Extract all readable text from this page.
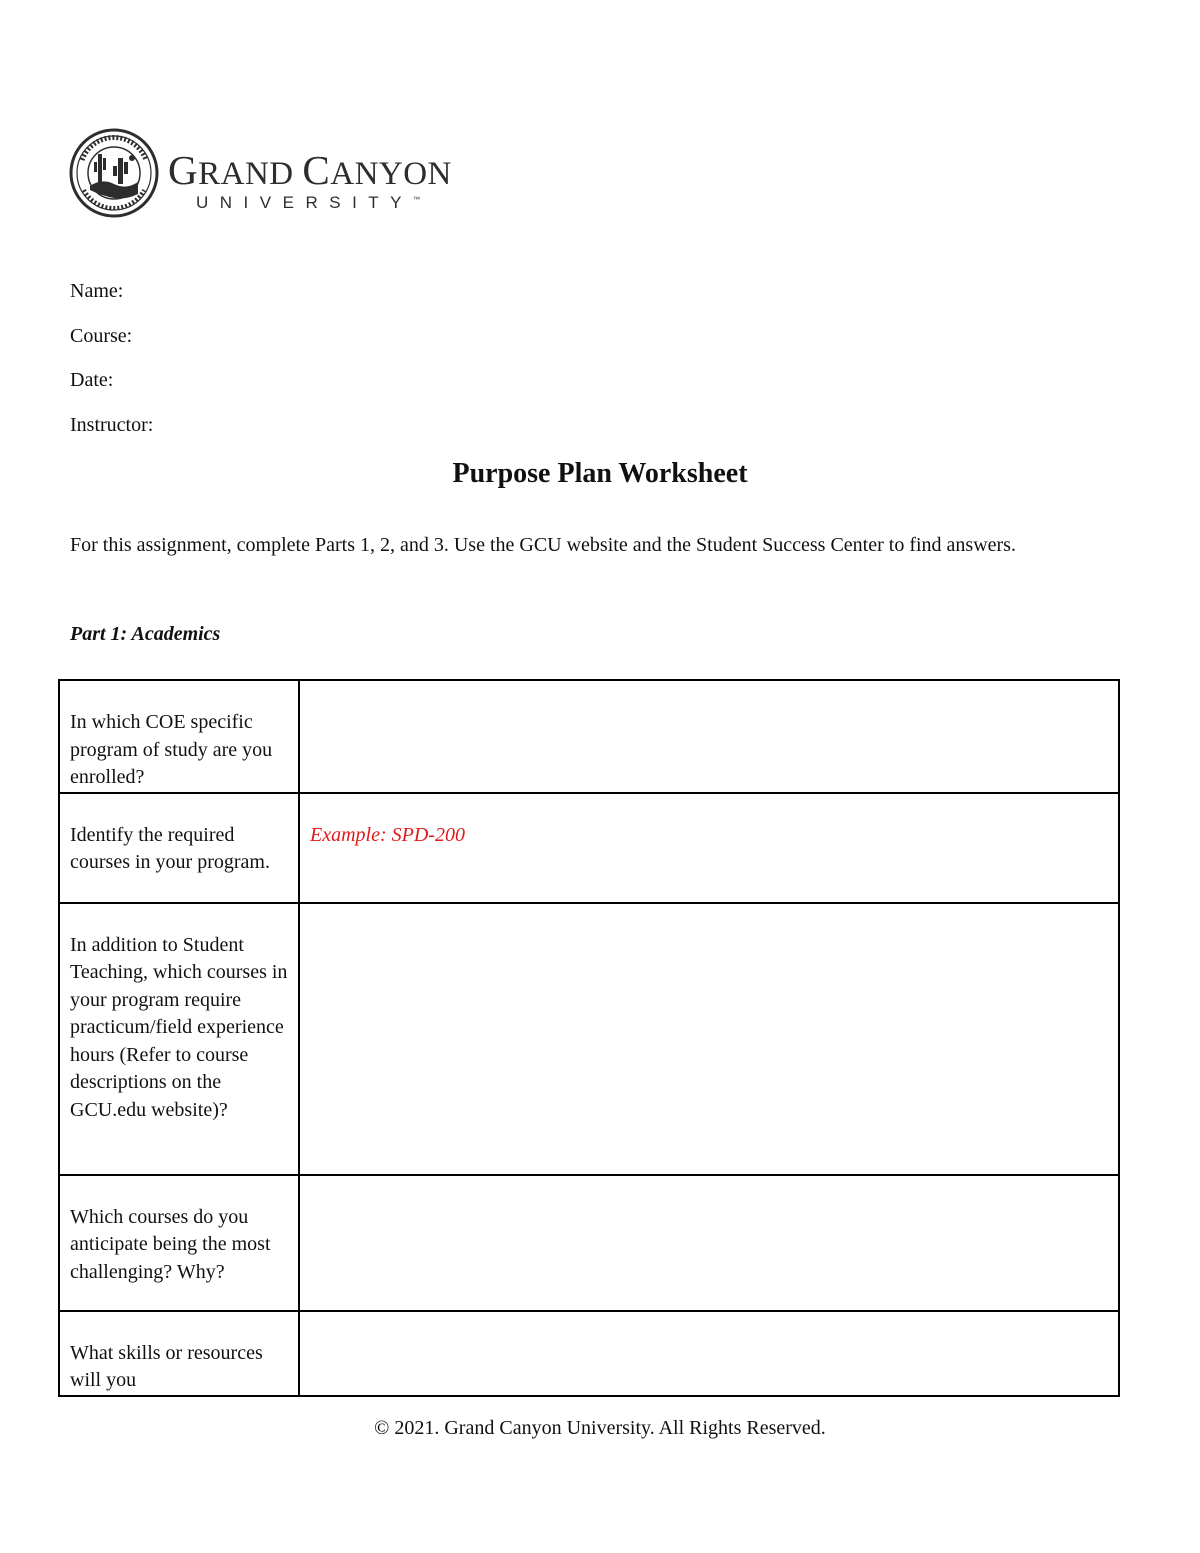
GRAND CANYON
UNIVERSITY™
Name:
Course:
Date:
Instructor:
Purpose Plan Worksheet
For this assignment, complete Parts 1, 2, and 3. Use the GCU website and the Student Success Center to find answers.
Part 1: Academics
In which COE specific program of study are you enrolled?	

Identify the required courses in your program.	Example: SPD-200

In addition to Student Teaching, which courses in your program require practicum/field experience hours (Refer to course descriptions on the GCU.edu website)?	

Which courses do you anticipate being the most challenging? Why?	

What skills or resources will you	

© 2021. Grand Canyon University. All Rights Reserved.
